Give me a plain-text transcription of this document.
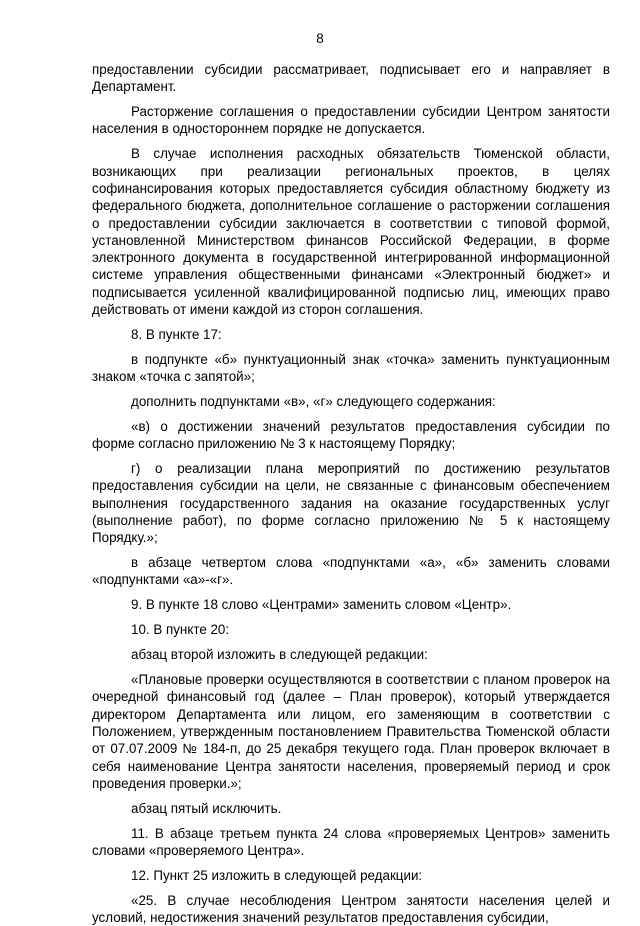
8

предоставлении субсидии рассматривает, подписывает его и направляет в Департамент.

Расторжение соглашения о предоставлении субсидии Центром занятости населения в одностороннем порядке не допускается.

В случае исполнения расходных обязательств Тюменской области, возникающих при реализации региональных проектов, в целях софинансирования которых предоставляется субсидия областному бюджету из федерального бюджета, дополнительное соглашение о расторжении соглашения о предоставлении субсидии заключается в соответствии с типовой формой, установленной Министерством финансов Российской Федерации, в форме электронного документа в государственной интегрированной информационной системе управления общественными финансами «Электронный бюджет» и подписывается усиленной квалифицированной подписью лиц, имеющих право действовать от имени каждой из сторон соглашения.

8. В пункте 17:

в подпункте «б» пунктуационный знак «точка» заменить пунктуационным знаком «точка с запятой»;

дополнить подпунктами «в», «г» следующего содержания:

«в) о достижении значений результатов предоставления субсидии по форме согласно приложению № 3 к настоящему Порядку;

г) о реализации плана мероприятий по достижению результатов предоставления субсидии на цели, не связанные с финансовым обеспечением выполнения государственного задания на оказание государственных услуг (выполнение работ), по форме согласно приложению № 5 к настоящему Порядку.»;

в абзаце четвертом слова «подпунктами «а», «б» заменить словами «подпунктами «а»-«г».

9. В пункте 18 слово «Центрами» заменить словом «Центр».

10. В пункте 20:

абзац второй изложить в следующей редакции:

«Плановые проверки осуществляются в соответствии с планом проверок на очередной финансовый год (далее – План проверок), который утверждается директором Департамента или лицом, его заменяющим в соответствии с Положением, утвержденным постановлением Правительства Тюменской области от 07.07.2009 № 184-п, до 25 декабря текущего года. План проверок включает в себя наименование Центра занятости населения, проверяемый период и срок проведения проверки.»;

абзац пятый исключить.

11. В абзаце третьем пункта 24 слова «проверяемых Центров» заменить словами «проверяемого Центра».

12. Пункт 25 изложить в следующей редакции:

«25. В случае несоблюдения Центром занятости населения целей и условий, недостижения значений результатов предоставления субсидии,
